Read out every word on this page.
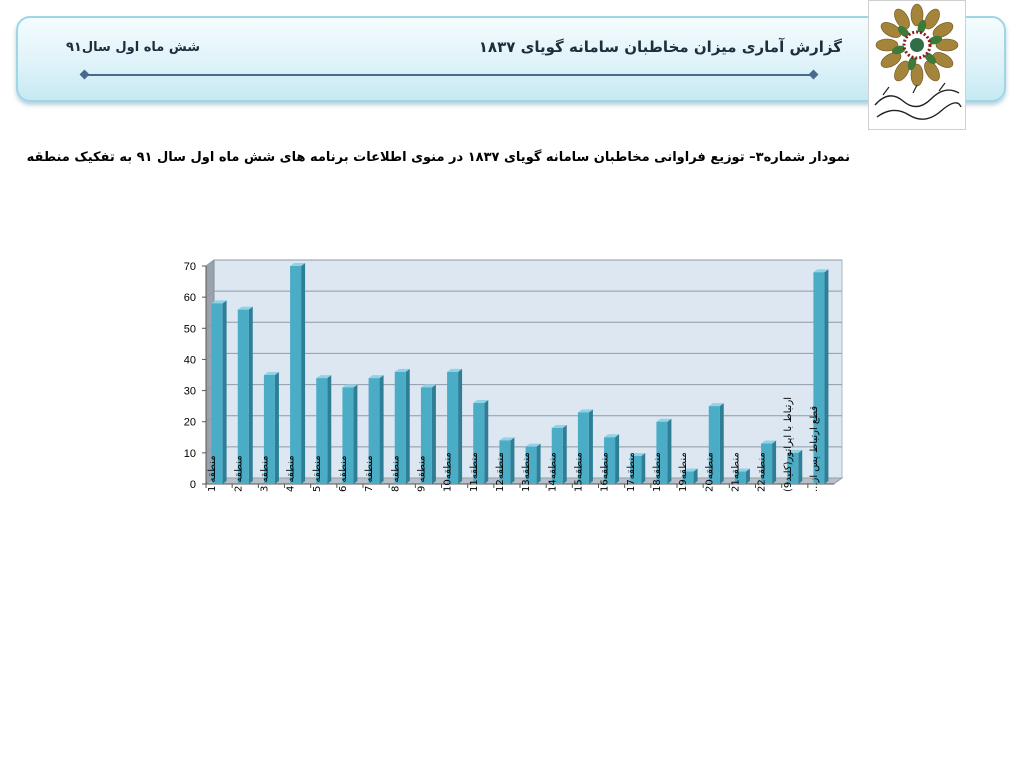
گزارش آماری میزان مخاطبان سامانه گویای ۱۸۳۷
شش ماه اول سال۹۱
نمودار شماره۳– توزیع فراوانی مخاطبان سامانه گویای ۱۸۳۷ در منوی اطلاعات برنامه های شش ماه اول سال ۹۱ به تفکیک منطقه
0
10
20
30
40
50
60
70
منطقه 1
منطقه 2
منطقه 3
منطقه 4
منطقه 5
منطقه 6
منطقه 7
منطقه 8
منطقه 9
منطقه10
منطقه11
منطقه12
منطقه13
منطقه14
منطقه15
منطقه16
منطقه17
منطقه18
منطقه19
منطقه20
منطقه21
منطقه22
ارتباط با اپراتور(کلید9) قطع ارتباط پس از...
